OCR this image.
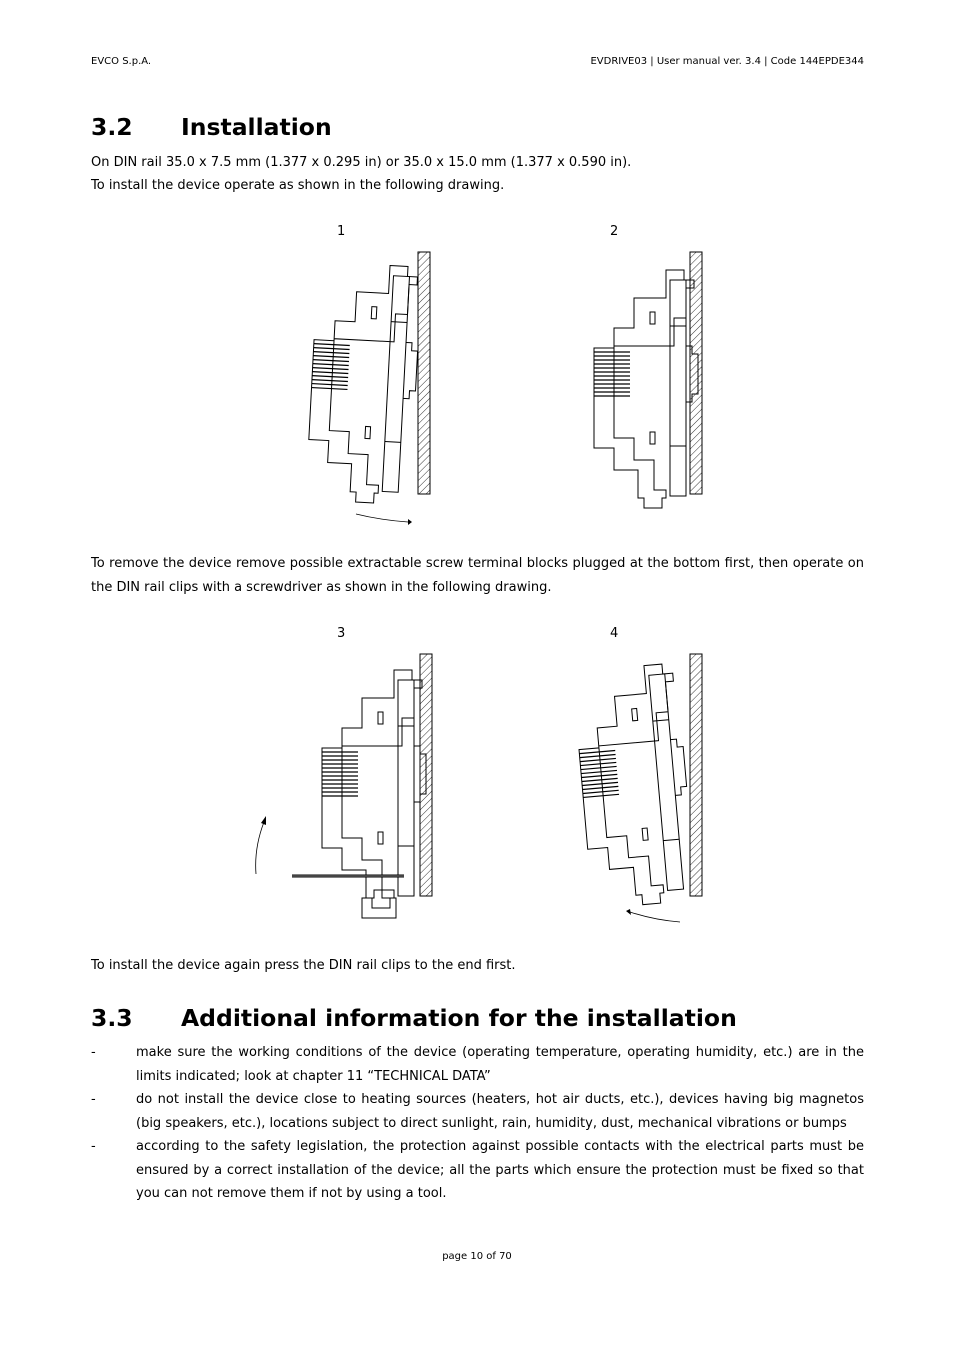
EVCO S.p.A.	EVDRIVE03 | User manual ver. 3.4 | Code 144EPDE344
3.2 Installation
On DIN rail 35.0 x 7.5 mm (1.377 x 0.295 in) or 35.0 x 15.0 mm (1.377 x 0.590 in).
To install the device operate as shown in the following drawing.
1	2
To remove the device remove possible extractable screw terminal blocks plugged at the bottom first, then operate on the DIN rail clips with a screwdriver as shown in the following drawing.
3	4
To install the device again press the DIN rail clips to the end first.
3.3 Additional information for the installation
-	make sure the working conditions of the device (operating temperature, operating humidity, etc.) are in the limits indicated; look at chapter 11 “TECHNICAL DATA”
-	do not install the device close to heating sources (heaters, hot air ducts, etc.), devices having big magnetos (big speakers, etc.), locations subject to direct sunlight, rain, humidity, dust, mechanical vibrations or bumps
-	according to the safety legislation, the protection against possible contacts with the electrical parts must be ensured by a correct installation of the device; all the parts which ensure the protection must be fixed so that you can not remove them if not by using a tool.
page 10 of 70
